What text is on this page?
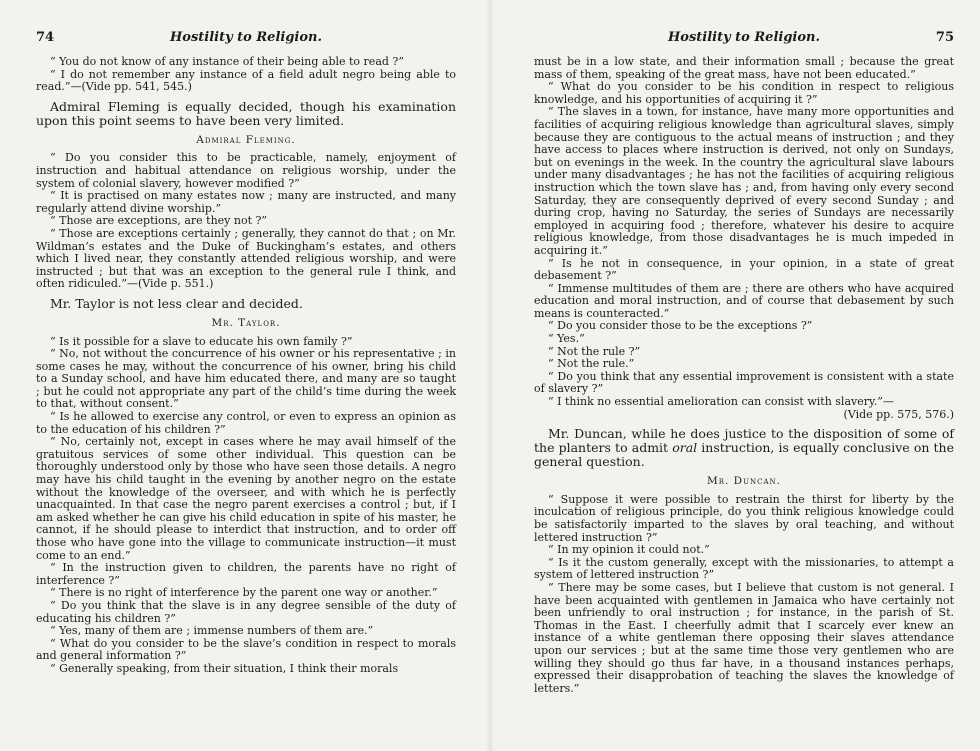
74	Hostility to Religion.

“ You do not know of any instance of their being able to read ?”

“ I do not remember any instance of a field adult negro being able to read.”—(Vide pp. 541, 545.)

Admiral Fleming is equally decided, though his examination upon this point seems to have been very limited.

Admiral Fleming.

“ Do you consider this to be practicable, namely, enjoyment of instruction and habitual attendance on religious worship, under the system of colonial slavery, however modified ?”

“ It is practised on many estates now ; many are instructed, and many regularly attend divine worship.”

“ Those are exceptions, are they not ?”

“ Those are exceptions certainly ; generally, they cannot do that ; on Mr. Wildman’s estates and the Duke of Buckingham’s estates, and others which I lived near, they constantly attended religious worship, and were instructed ; but that was an exception to the general rule I think, and often ridiculed.”—(Vide p. 551.)

Mr. Taylor is not less clear and decided.

Mr. Taylor.

“ Is it possible for a slave to educate his own family ?”

“ No, not without the concurrence of his owner or his representative ; in some cases he may, without the concurrence of his owner, bring his child to a Sunday school, and have him educated there, and many are so taught ; but he could not appropriate any part of the child’s time during the week to that, without consent.”

“ Is he allowed to exercise any control, or even to express an opinion as to the education of his children ?”

“ No, certainly not, except in cases where he may avail himself of the gratuitous services of some other individual. This question can be thoroughly understood only by those who have seen those details. A negro may have his child taught in the evening by another negro on the estate without the knowledge of the overseer, and with which he is perfectly unacquainted. In that case the negro parent exercises a control ; but, if I am asked whether he can give his child education in spite of his master, he cannot, if he should please to interdict that instruction, and to order off those who have gone into the village to communicate instruction—it must come to an end.”

“ In the instruction given to children, the parents have no right of interference ?”

“ There is no right of interference by the parent one way or another.”

“ Do you think that the slave is in any degree sensible of the duty of educating his children ?”

“ Yes, many of them are ; immense numbers of them are.”

“ What do you consider to be the slave’s condition in respect to morals and general information ?”

“ Generally speaking, from their situation, I think their morals

Hostility to Religion.	75

must be in a low state, and their information small ; because the great mass of them, speaking of the great mass, have not been educated.”

“ What do you consider to be his condition in respect to religious knowledge, and his opportunities of acquiring it ?”

“ The slaves in a town, for instance, have many more opportunities and facilities of acquiring religious knowledge than agricultural slaves, simply because they are contiguous to the actual means of instruction ; and they have access to places where instruction is derived, not only on Sundays, but on evenings in the week. In the country the agricultural slave labours under many disadvantages ; he has not the facilities of acquiring religious instruction which the town slave has ; and, from having only every second Saturday, they are consequently deprived of every second Sunday ; and during crop, having no Saturday, the series of Sundays are necessarily employed in acquiring food ; therefore, whatever his desire to acquire religious knowledge, from those disadvantages he is much impeded in acquiring it.”

“ Is he not in consequence, in your opinion, in a state of great debasement ?”

“ Immense multitudes of them are ; there are others who have acquired education and moral instruction, and of course that debasement by such means is counteracted.”

“ Do you consider those to be the exceptions ?”

“ Yes.”

“ Not the rule ?”

“ Not the rule.”

“ Do you think that any essential improvement is consistent with a state of slavery ?”

“ I think no essential amelioration can consist with slavery.”—

(Vide pp. 575, 576.)

Mr. Duncan, while he does justice to the disposition of some of the planters to admit oral instruction, is equally conclusive on the general question.

Mr. Duncan.

“ Suppose it were possible to restrain the thirst for liberty by the inculcation of religious principle, do you think religious knowledge could be satisfactorily imparted to the slaves by oral teaching, and without lettered instruction ?”

“ In my opinion it could not.”

“ Is it the custom generally, except with the missionaries, to attempt a system of lettered instruction ?”

“ There may be some cases, but I believe that custom is not general. I have been acquainted with gentlemen in Jamaica who have certainly not been unfriendly to oral instruction ; for instance, in the parish of St. Thomas in the East. I cheerfully admit that I scarcely ever knew an instance of a white gentleman there opposing their slaves attendance upon our services ; but at the same time those very gentlemen who are willing they should go thus far have, in a thousand instances perhaps, expressed their disapprobation of teaching the slaves the knowledge of letters.”
